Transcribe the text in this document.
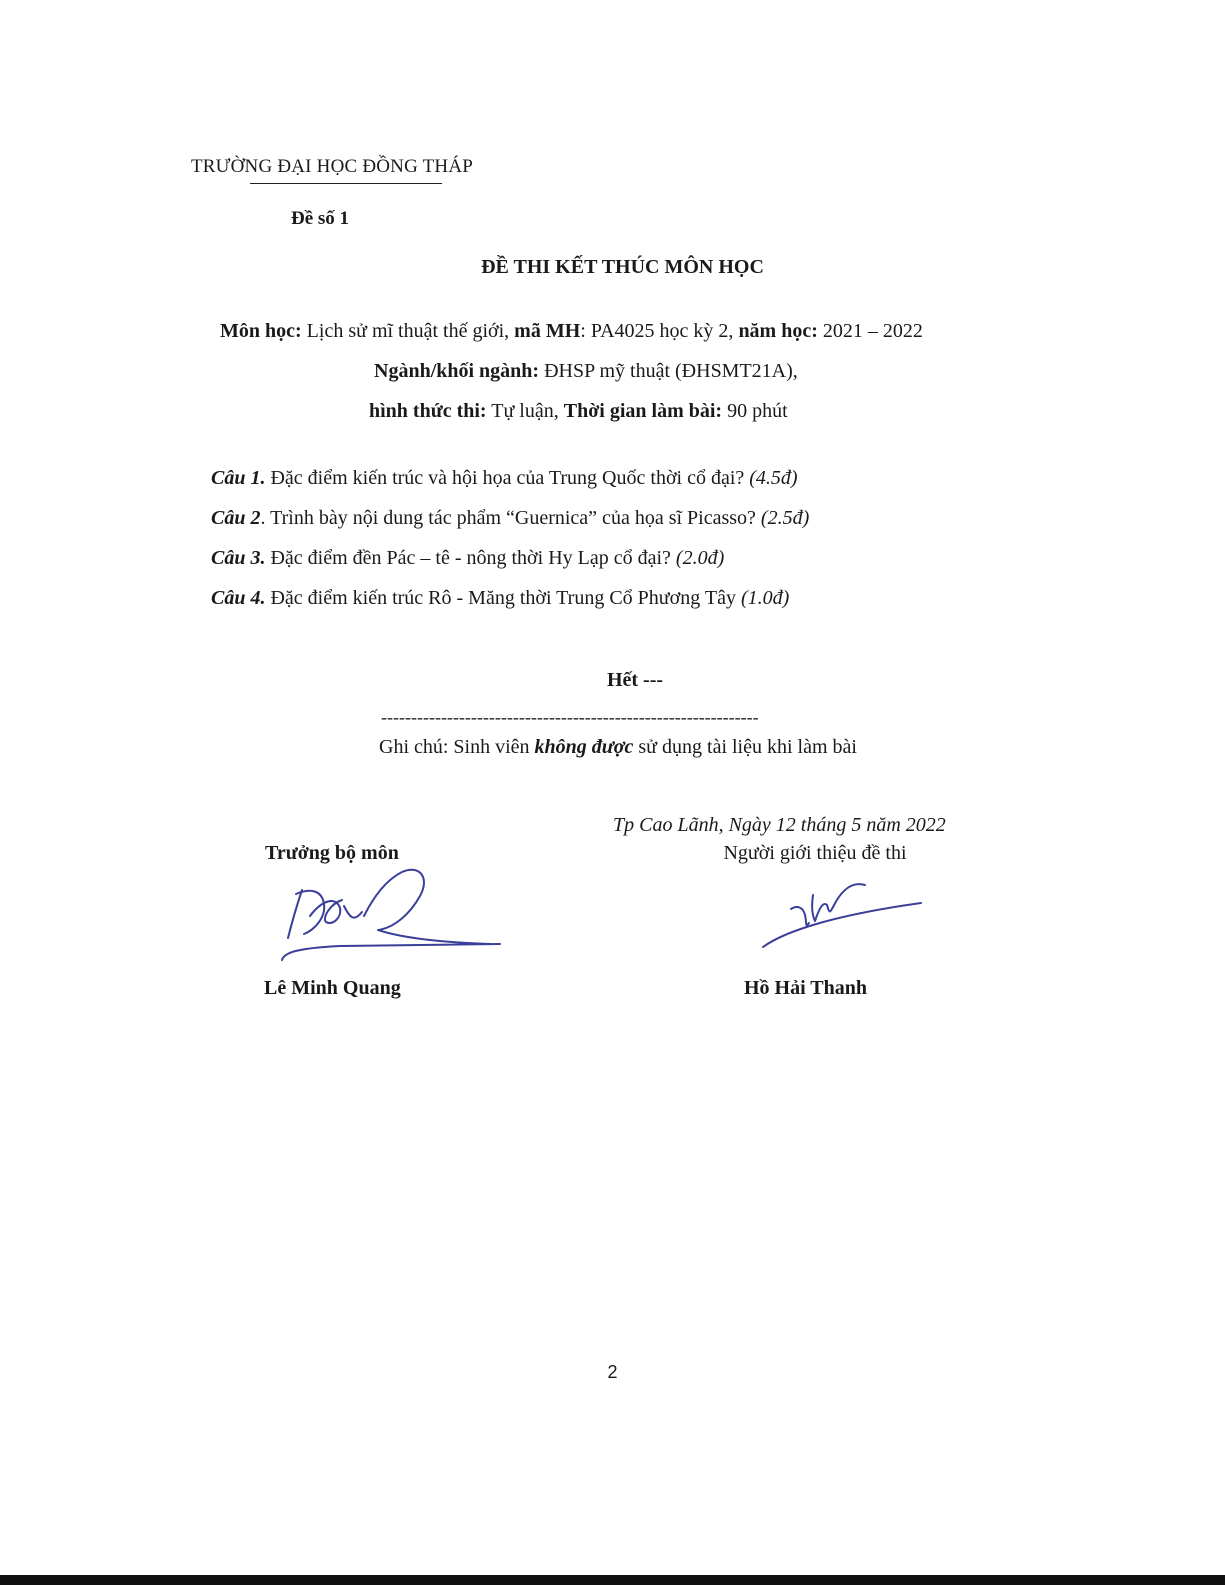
TRƯỜNG ĐẠI HỌC ĐỒNG THÁP
Đề số 1
ĐỀ THI KẾT THÚC MÔN HỌC
Môn học: Lịch sử mĩ thuật thế giới, mã MH: PA4025 học kỳ 2, năm học: 2021 – 2022
Ngành/khối ngành: ĐHSP mỹ thuật (ĐHSMT21A),
hình thức thi: Tự luận, Thời gian làm bài: 90 phút
Câu 1. Đặc điểm kiến trúc và hội họa của Trung Quốc thời cổ đại? (4.5đ)
Câu 2. Trình bày nội dung tác phẩm “Guernica” của họa sĩ Picasso? (2.5đ)
Câu 3. Đặc điểm đền Pác – tê - nông thời Hy Lạp cổ đại? (2.0đ)
Câu 4. Đặc điểm kiến trúc Rô - Măng thời Trung Cổ Phương Tây (1.0đ)
Hết ---
---------------------------------------------------------------
Ghi chú: Sinh viên không được sử dụng tài liệu khi làm bài
Tp Cao Lãnh, Ngày 12 tháng 5 năm 2022
Trưởng bộ môn	Người giới thiệu đề thi
Lê Minh Quang	Hồ Hải Thanh
2
